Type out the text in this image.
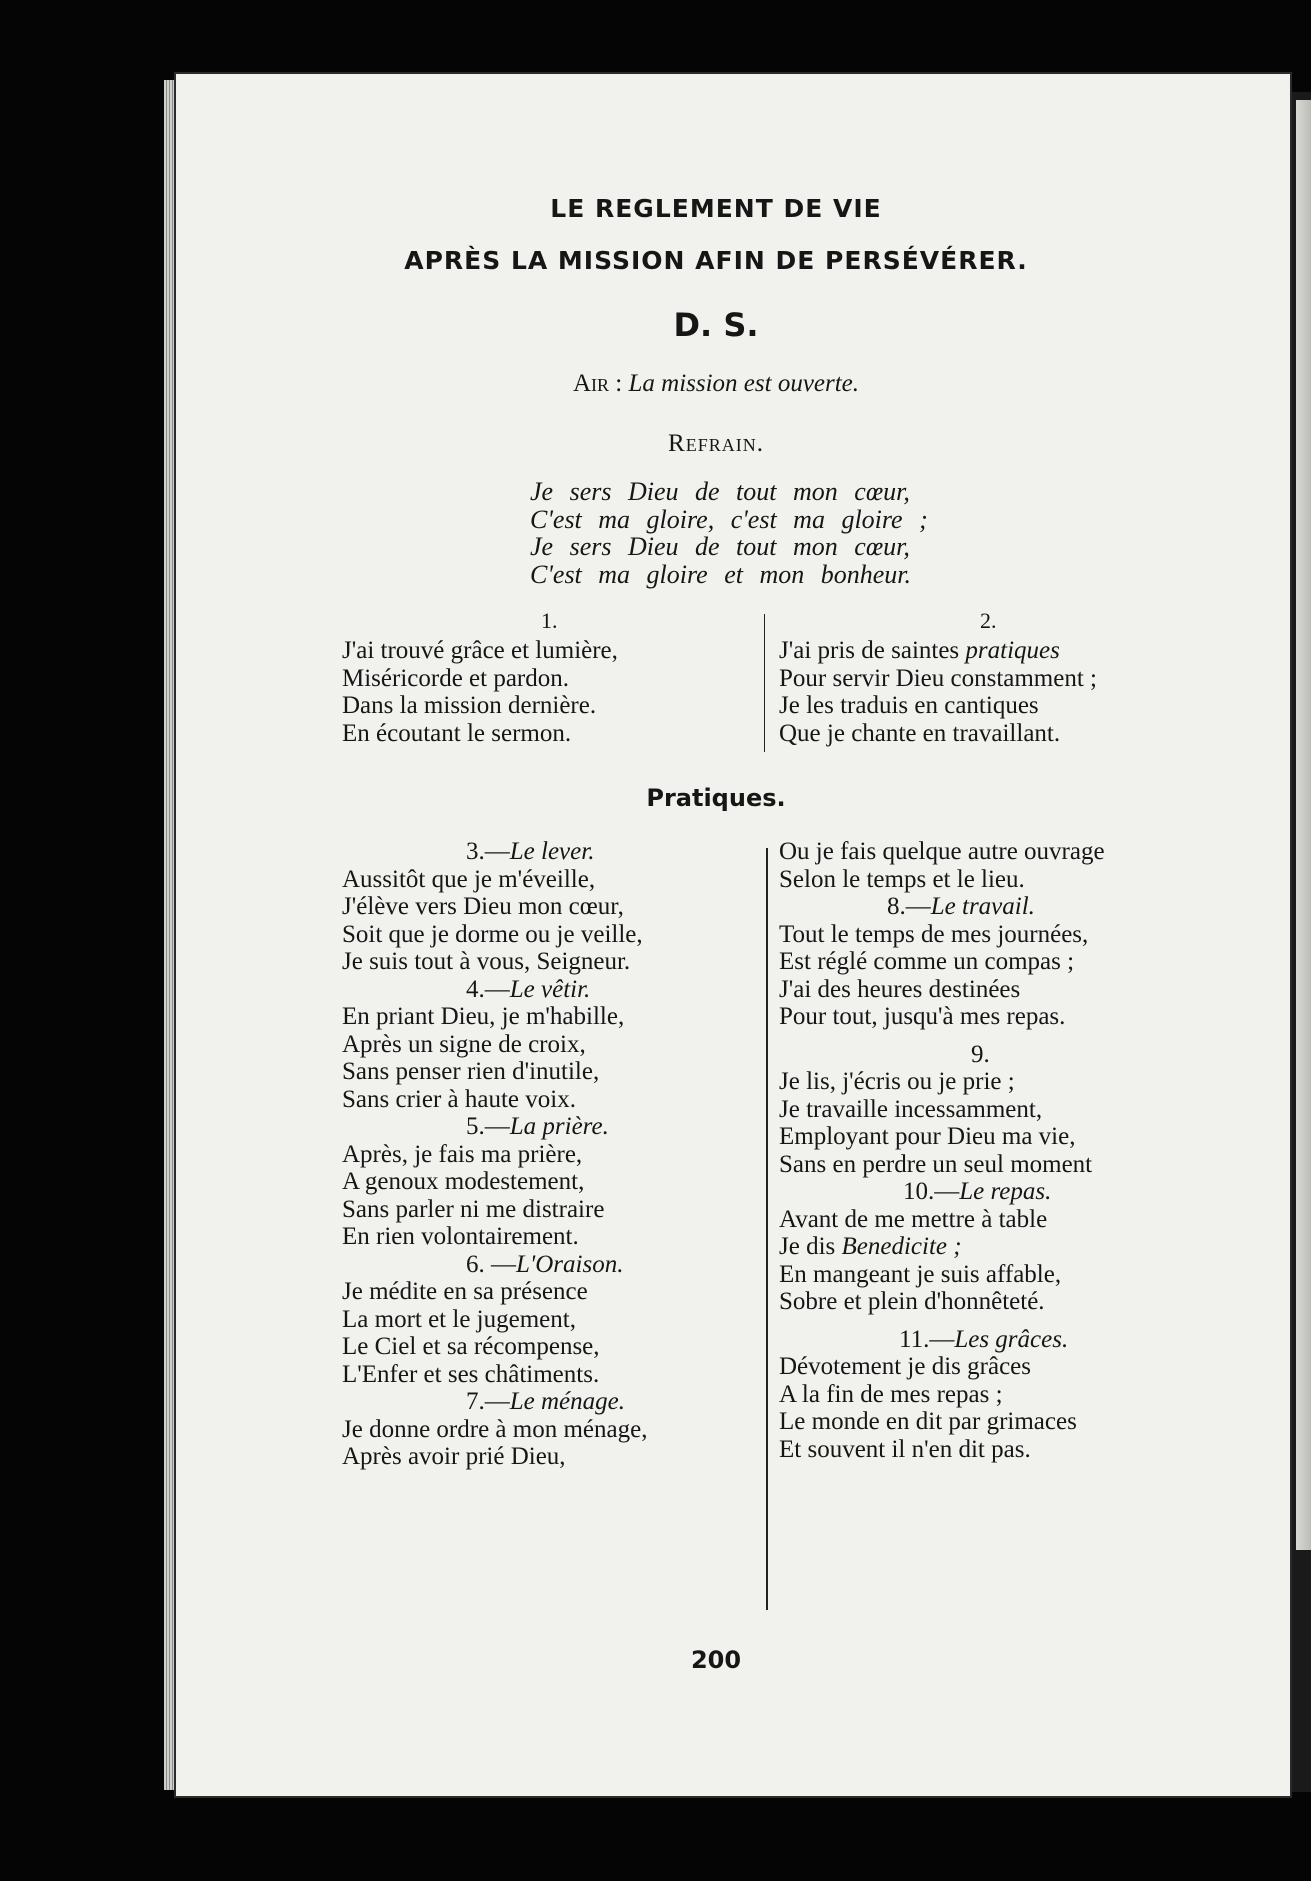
LE REGLEMENT DE VIE
APRÈS LA MISSION AFIN DE PERSÉVÉRER.
D. S.
Air : La mission est ouverte.
Refrain.
Je sers Dieu de tout mon cœur,
C'est ma gloire, c'est ma gloire ;
Je sers Dieu de tout mon cœur,
C'est ma gloire et mon bonheur.
1.
J'ai trouvé grâce et lumière,
Miséricorde et pardon.
Dans la mission dernière.
En écoutant le sermon.
2.
J'ai pris de saintes pratiques
Pour servir Dieu constamment ;
Je les traduis en cantiques
Que je chante en travaillant.
Pratiques.
3.—Le lever.
Aussitôt que je m'éveille,
J'élève vers Dieu mon cœur,
Soit que je dorme ou je veille,
Je suis tout à vous, Seigneur.
4.—Le vêtir.
En priant Dieu, je m'habille,
Après un signe de croix,
Sans penser rien d'inutile,
Sans crier à haute voix.
5.—La prière.
Après, je fais ma prière,
A genoux modestement,
Sans parler ni me distraire
En rien volontairement.
6. —L'Oraison.
Je médite en sa présence
La mort et le jugement,
Le Ciel et sa récompense,
L'Enfer et ses châtiments.
7.—Le ménage.
Je donne ordre à mon ménage,
Après avoir prié Dieu,
Ou je fais quelque autre ouvrage
Selon le temps et le lieu.
8.—Le travail.
Tout le temps de mes journées,
Est réglé comme un compas ;
J'ai des heures destinées
Pour tout, jusqu'à mes repas.
9.
Je lis, j'écris ou je prie ;
Je travaille incessamment,
Employant pour Dieu ma vie,
Sans en perdre un seul moment
10.—Le repas.
Avant de me mettre à table
Je dis Benedicite ;
En mangeant je suis affable,
Sobre et plein d'honnêteté.
11.—Les grâces.
Dévotement je dis grâces
A la fin de mes repas ;
Le monde en dit par grimaces
Et souvent il n'en dit pas.
200
